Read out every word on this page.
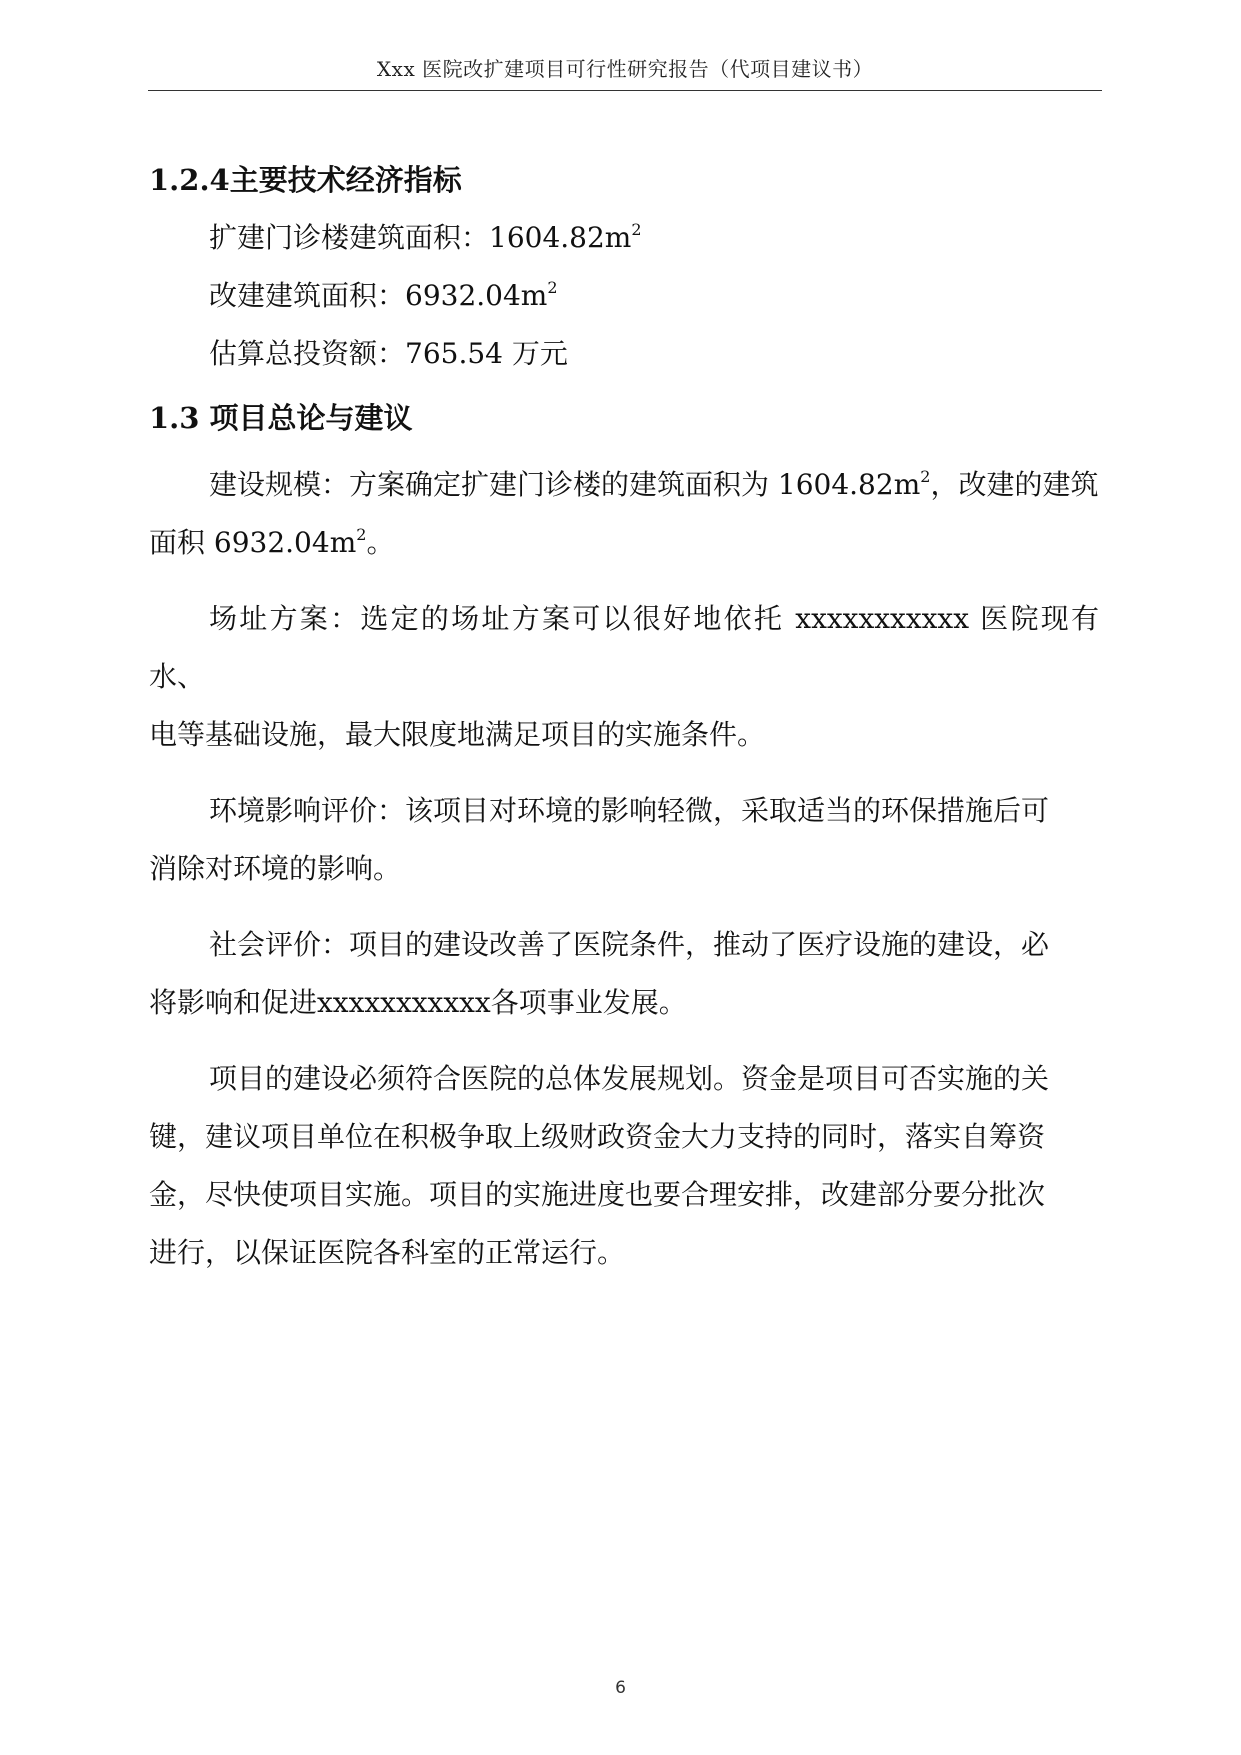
Xxx 医院改扩建项目可行性研究报告（代项目建议书）
1.2.4主要技术经济指标

扩建门诊楼建筑面积：$1604.82m^2$

改建建筑面积：$6932.04m^2$

估算总投资额：765.54 万元

1.3 项目总论与建议

建设规模：方案确定扩建门诊楼的建筑面积为 $1604.82m^2$，改建的建筑
面积 $6932.04m^2$。

场址方案：选定的场址方案可以很好地依托 xxxxxxxxxxx 医院现有水、
电等基础设施，最大限度地满足项目的实施条件。

环境影响评价：该项目对环境的影响轻微，采取适当的环保措施后可
消除对环境的影响。

社会评价：项目的建设改善了医院条件，推动了医疗设施的建设，必
将影响和促进xxxxxxxxxxx各项事业发展。

项目的建设必须符合医院的总体发展规划。资金是项目可否实施的关
键，建议项目单位在积极争取上级财政资金大力支持的同时，落实自筹资
金，尽快使项目实施。项目的实施进度也要合理安排，改建部分要分批次
进行，以保证医院各科室的正常运行。

6
